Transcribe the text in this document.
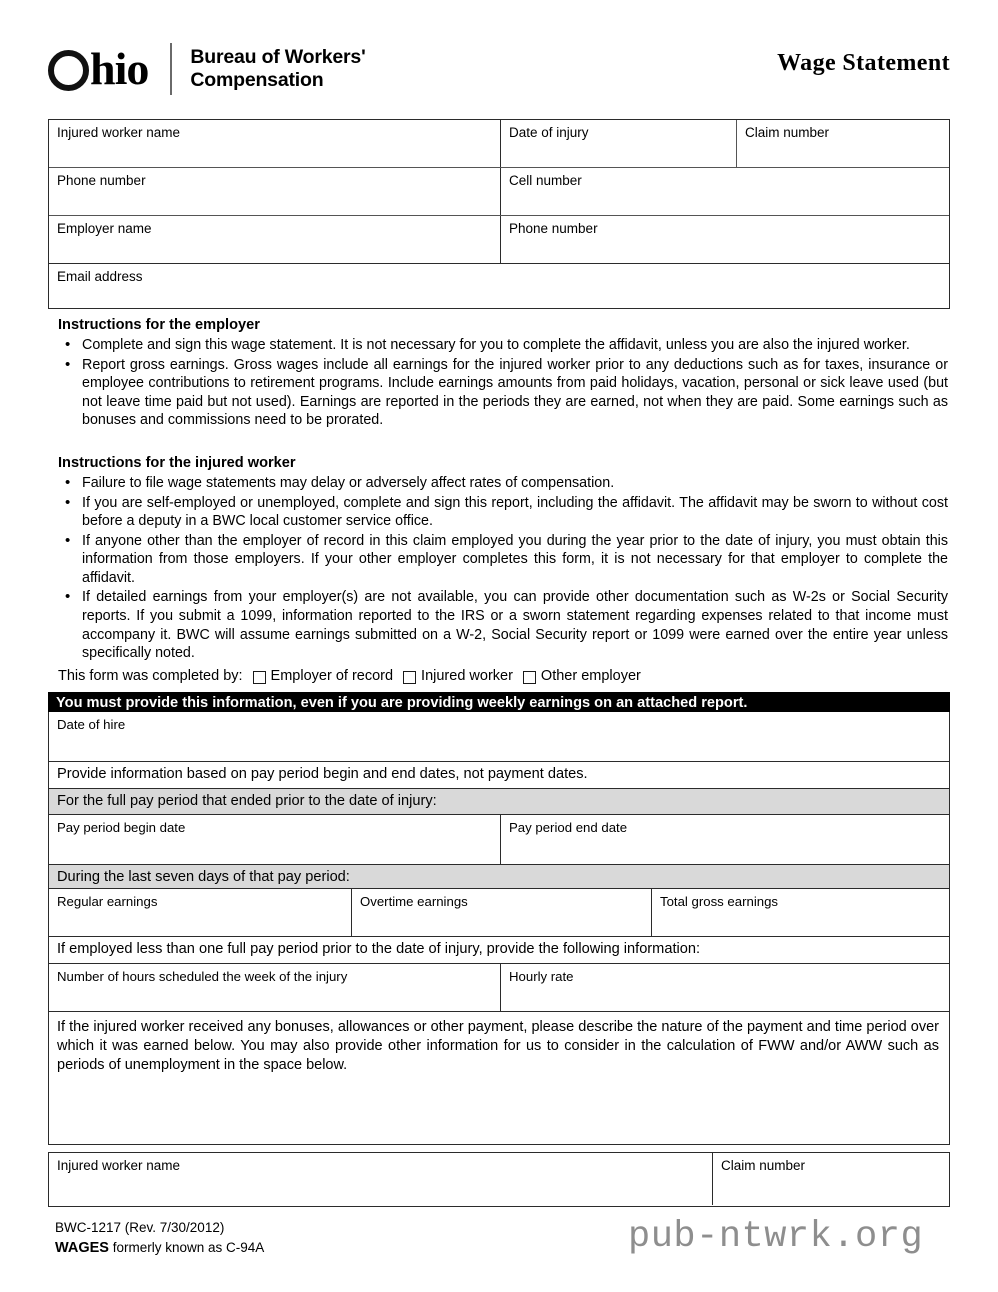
hio Bureau of Workers'
Compensation
Wage Statement
Injured worker name	Date of injury	Claim number
Phone number	Cell number
Employer name	Phone number
Email address
Instructions for the employer
• Complete and sign this wage statement. It is not necessary for you to complete the affidavit, unless you are also the injured worker.
• Report gross earnings. Gross wages include all earnings for the injured worker prior to any deductions such as for taxes, insurance or employee contributions to retirement programs. Include earnings amounts from paid holidays, vacation, personal or sick leave used (but not leave time paid but not used). Earnings are reported in the periods they are earned, not when they are paid. Some earnings such as bonuses and commissions need to be prorated.
Instructions for the injured worker
• Failure to file wage statements may delay or adversely affect rates of compensation.
• If you are self-employed or unemployed, complete and sign this report, including the affidavit. The affidavit may be sworn to without cost before a deputy in a BWC local customer service office.
• If anyone other than the employer of record in this claim employed you during the year prior to the date of injury, you must obtain this information from those employers. If your other employer completes this form, it is not necessary for that employer to complete the affidavit.
• If detailed earnings from your employer(s) are not available, you can provide other documentation such as W-2s or Social Security reports. If you submit a 1099, information reported to the IRS or a sworn statement regarding expenses related to that income must accompany it. BWC will assume earnings submitted on a W-2, Social Security report or 1099 were earned over the entire year unless specifically noted.
This form was completed by: Employer of record Injured worker Other employer
You must provide this information, even if you are providing weekly earnings on an attached report.
Date of hire
Provide information based on pay period begin and end dates, not payment dates.
For the full pay period that ended prior to the date of injury:
Pay period begin date	Pay period end date
During the last seven days of that pay period:
Regular earnings	Overtime earnings	Total gross earnings
If employed less than one full pay period prior to the date of injury, provide the following information:
Number of hours scheduled the week of the injury	Hourly rate
If the injured worker received any bonuses, allowances or other payment, please describe the nature of the payment and time period over which it was earned below. You may also provide other information for us to consider in the calculation of FWW and/or AWW such as periods of unemployment in the space below.
Injured worker name	Claim number
BWC-1217 (Rev. 7/30/2012)
WAGES formerly known as C-94A	pub-ntwrk.org
